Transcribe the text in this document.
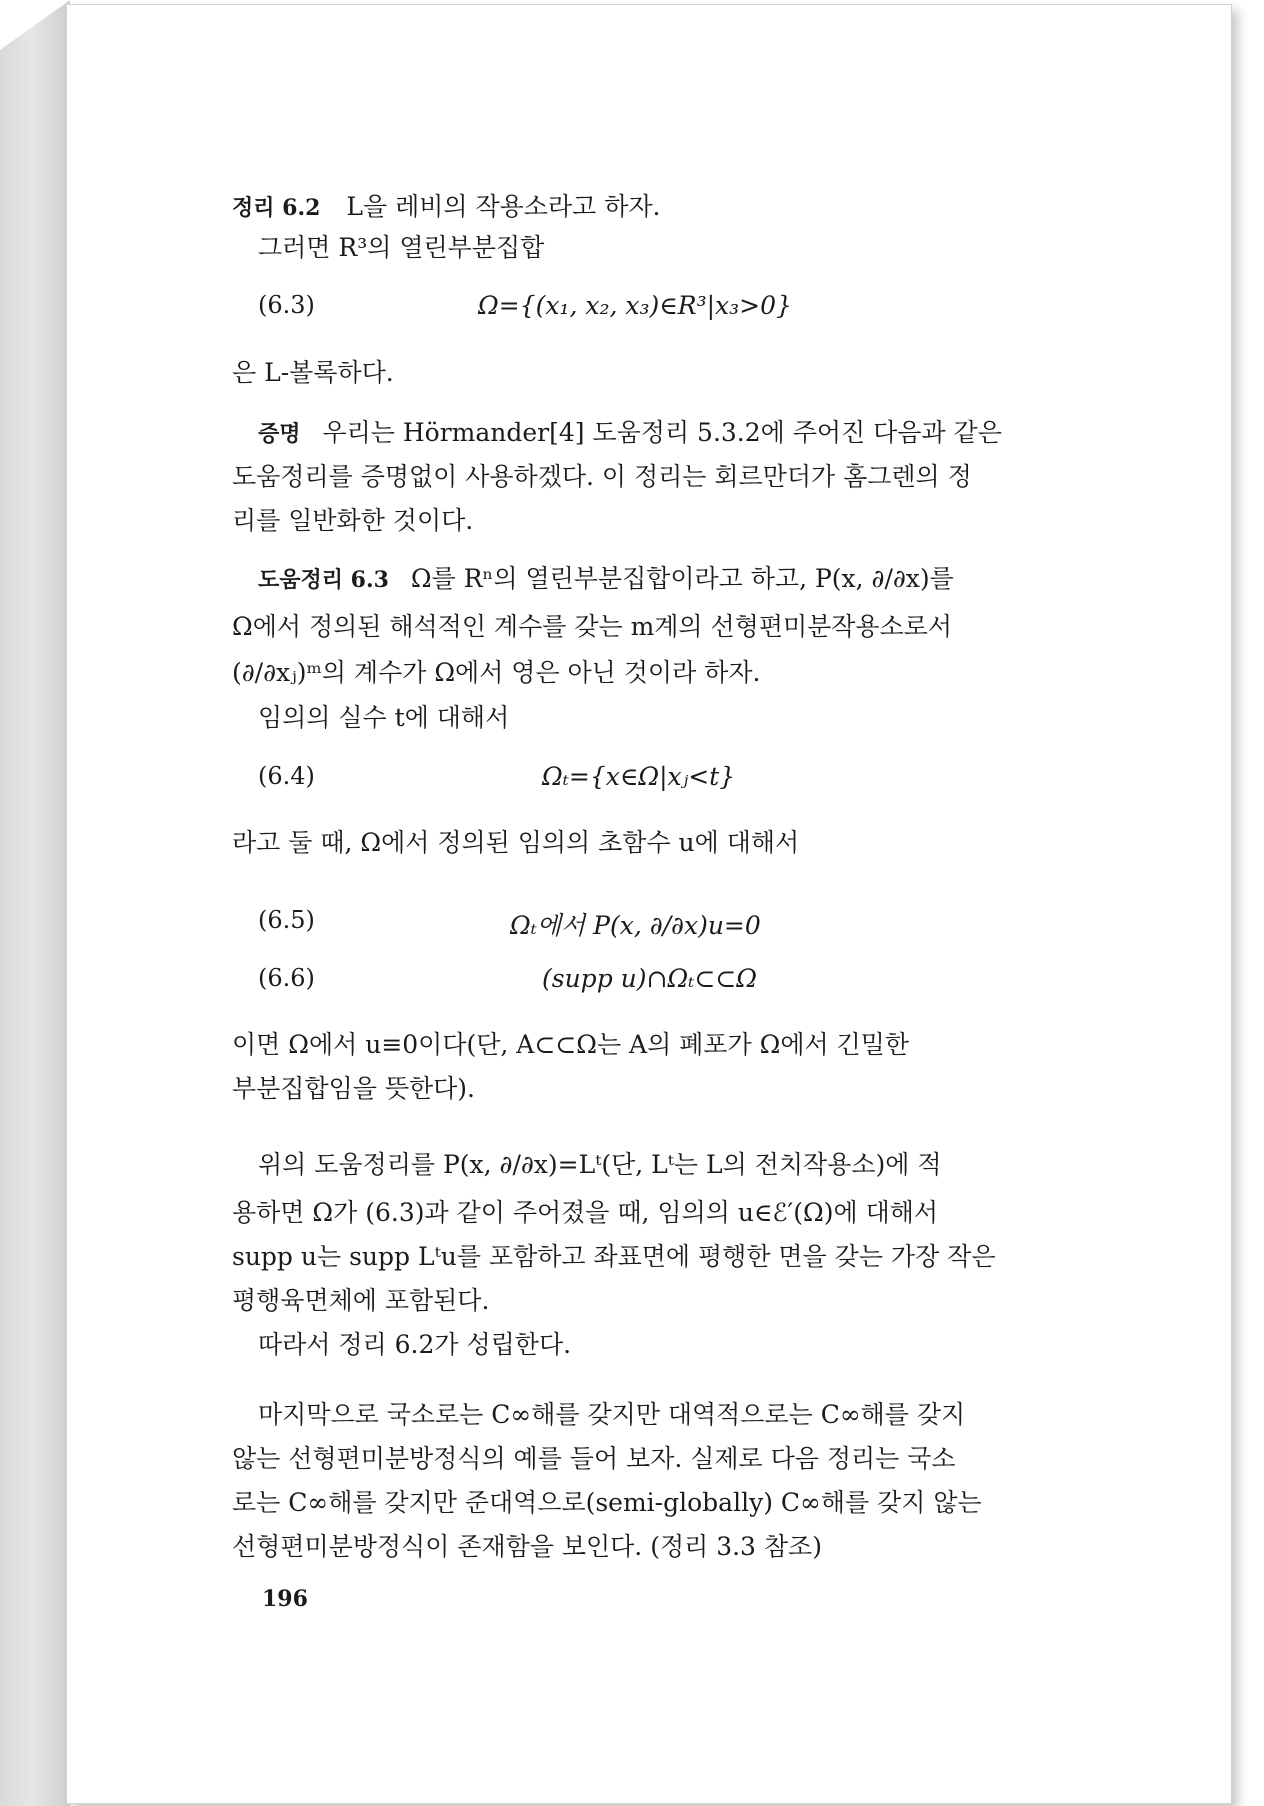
정리 6.2 L을 레비의 작용소라고 하자.
그러면 R³의 열린부분집합
(6.3)	Ω={(x₁, x₂, x₃)∈R³|x₃>0}
은 L-볼록하다.
증명 우리는 Hörmander[4] 도움정리 5.3.2에 주어진 다음과 같은
도움정리를 증명없이 사용하겠다. 이 정리는 회르만더가 홈그렌의 정
리를 일반화한 것이다.
도움정리 6.3 Ω를 Rⁿ의 열린부분집합이라고 하고, P(x, ∂/∂x)를
Ω에서 정의된 해석적인 계수를 갖는 m계의 선형편미분작용소로서
(∂/∂xⱼ)ᵐ의 계수가 Ω에서 영은 아닌 것이라 하자.
임의의 실수 t에 대해서
(6.4)	Ωₜ={x∈Ω|xⱼ<t}
라고 둘 때, Ω에서 정의된 임의의 초함수 u에 대해서
(6.5)	Ωₜ에서 P(x, ∂/∂x)u=0
(6.6)	(supp u)∩Ωₜ⊂⊂Ω
이면 Ω에서 u≡0이다(단, A⊂⊂Ω는 A의 폐포가 Ω에서 긴밀한
부분집합임을 뜻한다).
위의 도움정리를 P(x, ∂/∂x)=Lᵗ(단, Lᵗ는 L의 전치작용소)에 적
용하면 Ω가 (6.3)과 같이 주어졌을 때, 임의의 u∈ℰ′(Ω)에 대해서
supp u는 supp Lᵗu를 포함하고 좌표면에 평행한 면을 갖는 가장 작은
평행육면체에 포함된다.
따라서 정리 6.2가 성립한다.
마지막으로 국소로는 C∞해를 갖지만 대역적으로는 C∞해를 갖지
않는 선형편미분방정식의 예를 들어 보자. 실제로 다음 정리는 국소
로는 C∞해를 갖지만 준대역으로(semi-globally) C∞해를 갖지 않는
선형편미분방정식이 존재함을 보인다. (정리 3.3 참조)
196
